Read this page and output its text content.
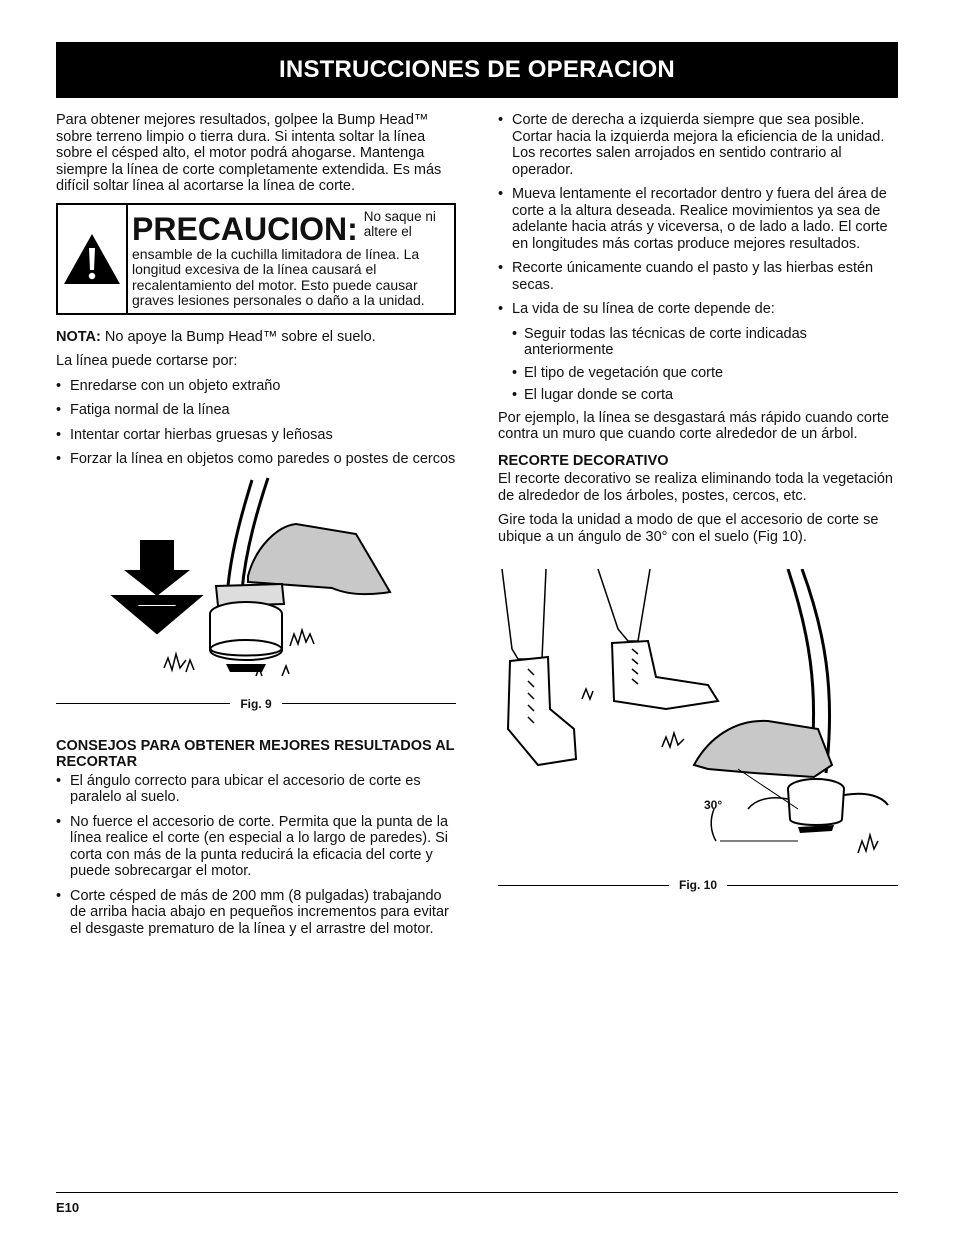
INSTRUCCIONES DE OPERACION

Para obtener mejores resultados, golpee la Bump Head™ sobre terreno limpio o tierra dura. Si intenta soltar la línea sobre el césped alto, el motor podrá ahogarse. Mantenga siempre la línea de corte completamente extendida. Es más difícil soltar línea al acortarse la línea de corte.

PRECAUCION: No saque ni altere el
ensamble de la cuchilla limitadora de línea. La longitud excesiva de la línea causará el recalentamiento del motor. Esto puede causar graves lesiones personales o daño a la unidad.

NOTA: No apoye la Bump Head™ sobre el suelo.

La línea puede cortarse por:

• Enredarse con un objeto extraño
• Fatiga normal de la línea
• Intentar cortar hierbas gruesas y leñosas
• Forzar la línea en objetos como paredes o postes de cercos
Fig. 9
CONSEJOS PARA OBTENER MEJORES RESULTADOS AL RECORTAR
• El ángulo correcto para ubicar el accesorio de corte es paralelo al suelo.
• No fuerce el accesorio de corte. Permita que la punta de la línea realice el corte (en especial a lo largo de paredes). Si corta con más de la punta reducirá la eficacia del corte y puede sobrecargar el motor.
• Corte césped de más de 200 mm (8 pulgadas) trabajando de arriba hacia abajo en pequeños incrementos para evitar el desgaste prematuro de la línea y el arrastre del motor.
• Corte de derecha a izquierda siempre que sea posible. Cortar hacia la izquierda mejora la eficiencia de la unidad. Los recortes salen arrojados en sentido contrario al operador.
• Mueva lentamente el recortador dentro y fuera del área de corte a la altura deseada. Realice movimientos ya sea de adelante hacia atrás y viceversa, o de lado a lado. El corte en longitudes más cortas produce mejores resultados.
• Recorte únicamente cuando el pasto y las hierbas estén secas.
• La vida de su línea de corte depende de:
• Seguir todas las técnicas de corte indicadas anteriormente
• El tipo de vegetación que corte
• El lugar donde se corta

Por ejemplo, la línea se desgastará más rápido cuando corte contra un muro que cuando corte alrededor de un árbol.

RECORTE DECORATIVO

El recorte decorativo se realiza eliminando toda la vegetación de alrededor de los árboles, postes, cercos, etc.

Gire toda la unidad a modo de que el accesorio de corte se ubique a un ángulo de 30° con el suelo (Fig 10).

30°
Fig. 10
E10
